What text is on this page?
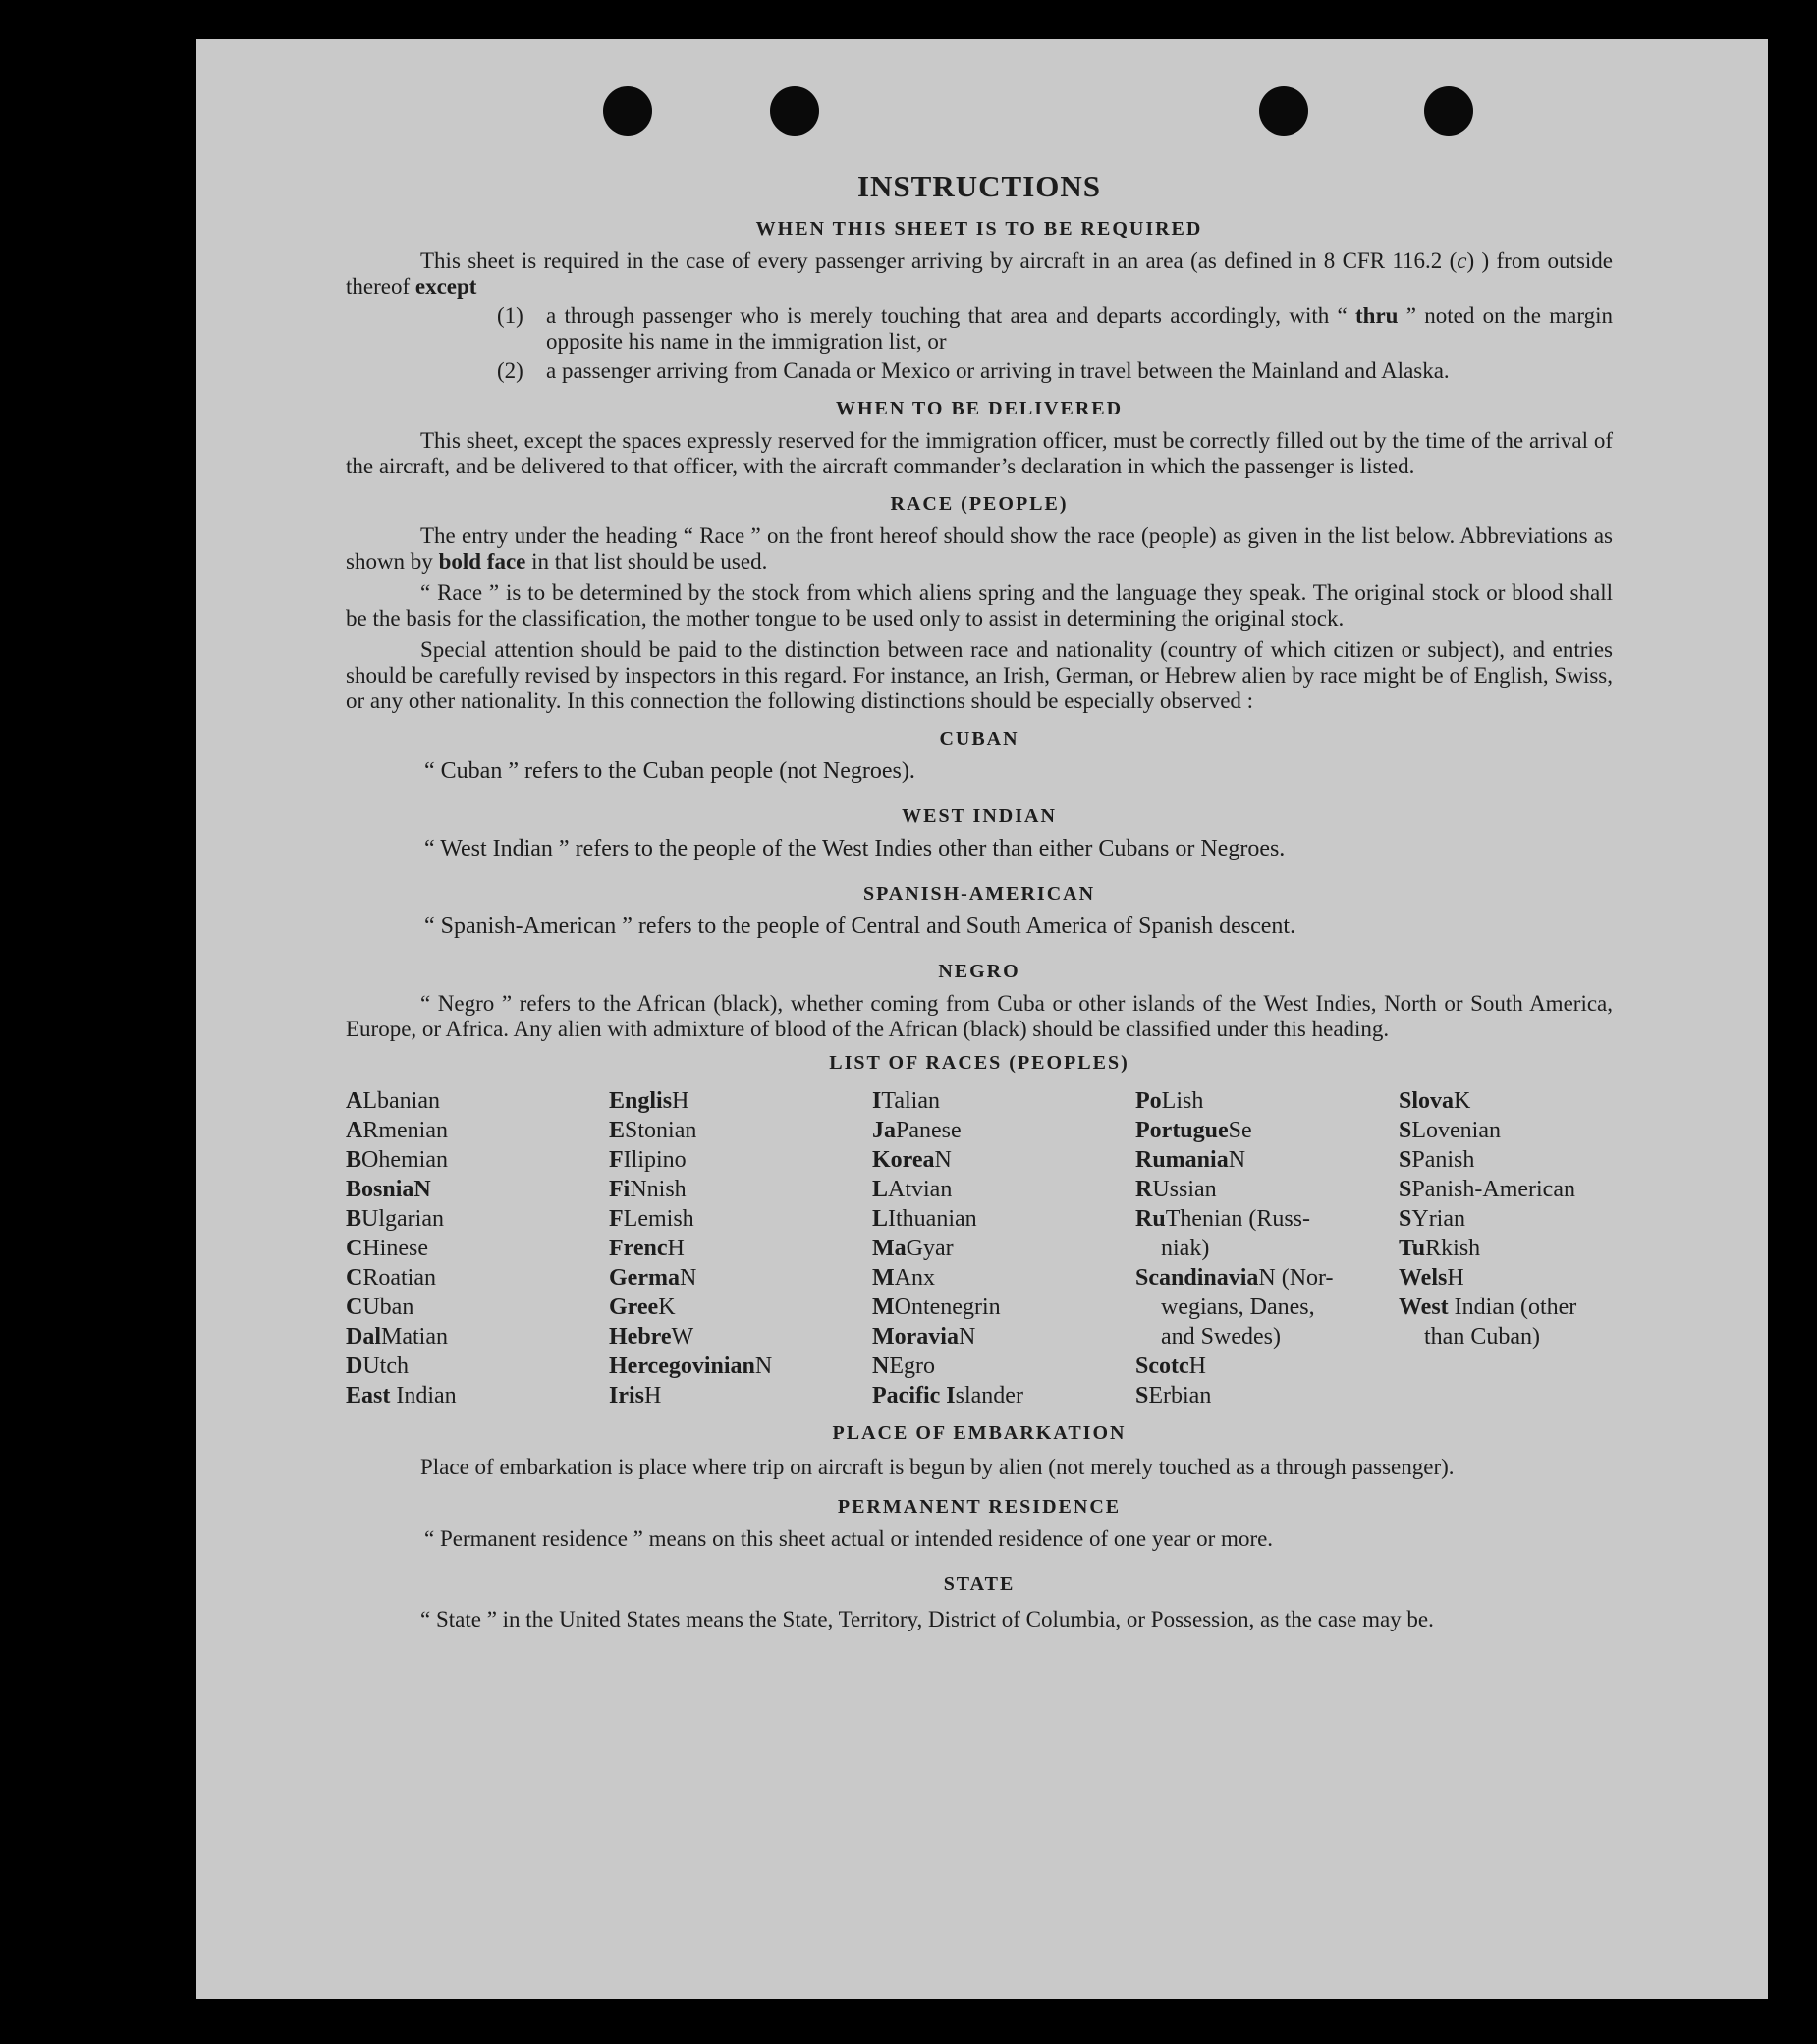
INSTRUCTIONS
WHEN THIS SHEET IS TO BE REQUIRED

This sheet is required in the case of every passenger arriving by aircraft in an area (as defined in 8 CFR 116.2 (c) ) from outside thereof except

(1)	a through passenger who is merely touching that area and departs accordingly, with “ thru ” noted on the margin opposite his name in the immigration list, or
(2)	a passenger arriving from Canada or Mexico or arriving in travel between the Mainland and Alaska.
WHEN TO BE DELIVERED

This sheet, except the spaces expressly reserved for the immigration officer, must be correctly filled out by the time of the arrival of the aircraft, and be delivered to that officer, with the aircraft commander’s declaration in which the passenger is listed.

RACE (PEOPLE)

The entry under the heading “ Race ” on the front hereof should show the race (people) as given in the list below. Abbreviations as shown by bold face in that list should be used.

“ Race ” is to be determined by the stock from which aliens spring and the language they speak. The original stock or blood shall be the basis for the classification, the mother tongue to be used only to assist in determining the original stock.

Special attention should be paid to the distinction between race and nationality (country of which citizen or subject), and entries should be carefully revised by inspectors in this regard. For instance, an Irish, German, or Hebrew alien by race might be of English, Swiss, or any other nationality. In this connection the following distinctions should be especially observed :

CUBAN

“ Cuban ” refers to the Cuban people (not Negroes).

WEST INDIAN

“ West Indian ” refers to the people of the West Indies other than either Cubans or Negroes.

SPANISH-AMERICAN

“ Spanish-American ” refers to the people of Central and South America of Spanish descent.

NEGRO

“ Negro ” refers to the African (black), whether coming from Cuba or other islands of the West Indies, North or South America, Europe, or Africa. Any alien with admixture of blood of the African (black) should be classified under this heading.

LIST OF RACES (PEOPLES)
ALbanian
ARmenian
BOhemian
BosniaN
BUlgarian
CHinese
CRoatian
CUban
DalMatian
DUtch
East Indian
EnglisH
EStonian
FIlipino
FiNnish
FLemish
FrencH
GermaN
GreeK
HebreW
HercegovinianN
IrisH
ITalian
JaPanese
KoreaN
LAtvian
LIthuanian
MaGyar
MAnx
MOntenegrin
MoraviaN
NEgro
Pacific Islander
PoLish
PortugueSe
RumaniaN
RUssian
RuThenian (Russ-
niak)
ScandinaviaN (Nor-
wegians, Danes,
and Swedes)
ScotcH
SErbian
SlovaK
SLovenian
SPanish
SPanish-American
SYrian
TuRkish
WelsH
West Indian (other
than Cuban)
PLACE OF EMBARKATION

Place of embarkation is place where trip on aircraft is begun by alien (not merely touched as a through passenger).

PERMANENT RESIDENCE

“ Permanent residence ” means on this sheet actual or intended residence of one year or more.

STATE

“ State ” in the United States means the State, Territory, District of Columbia, or Possession, as the case may be.
